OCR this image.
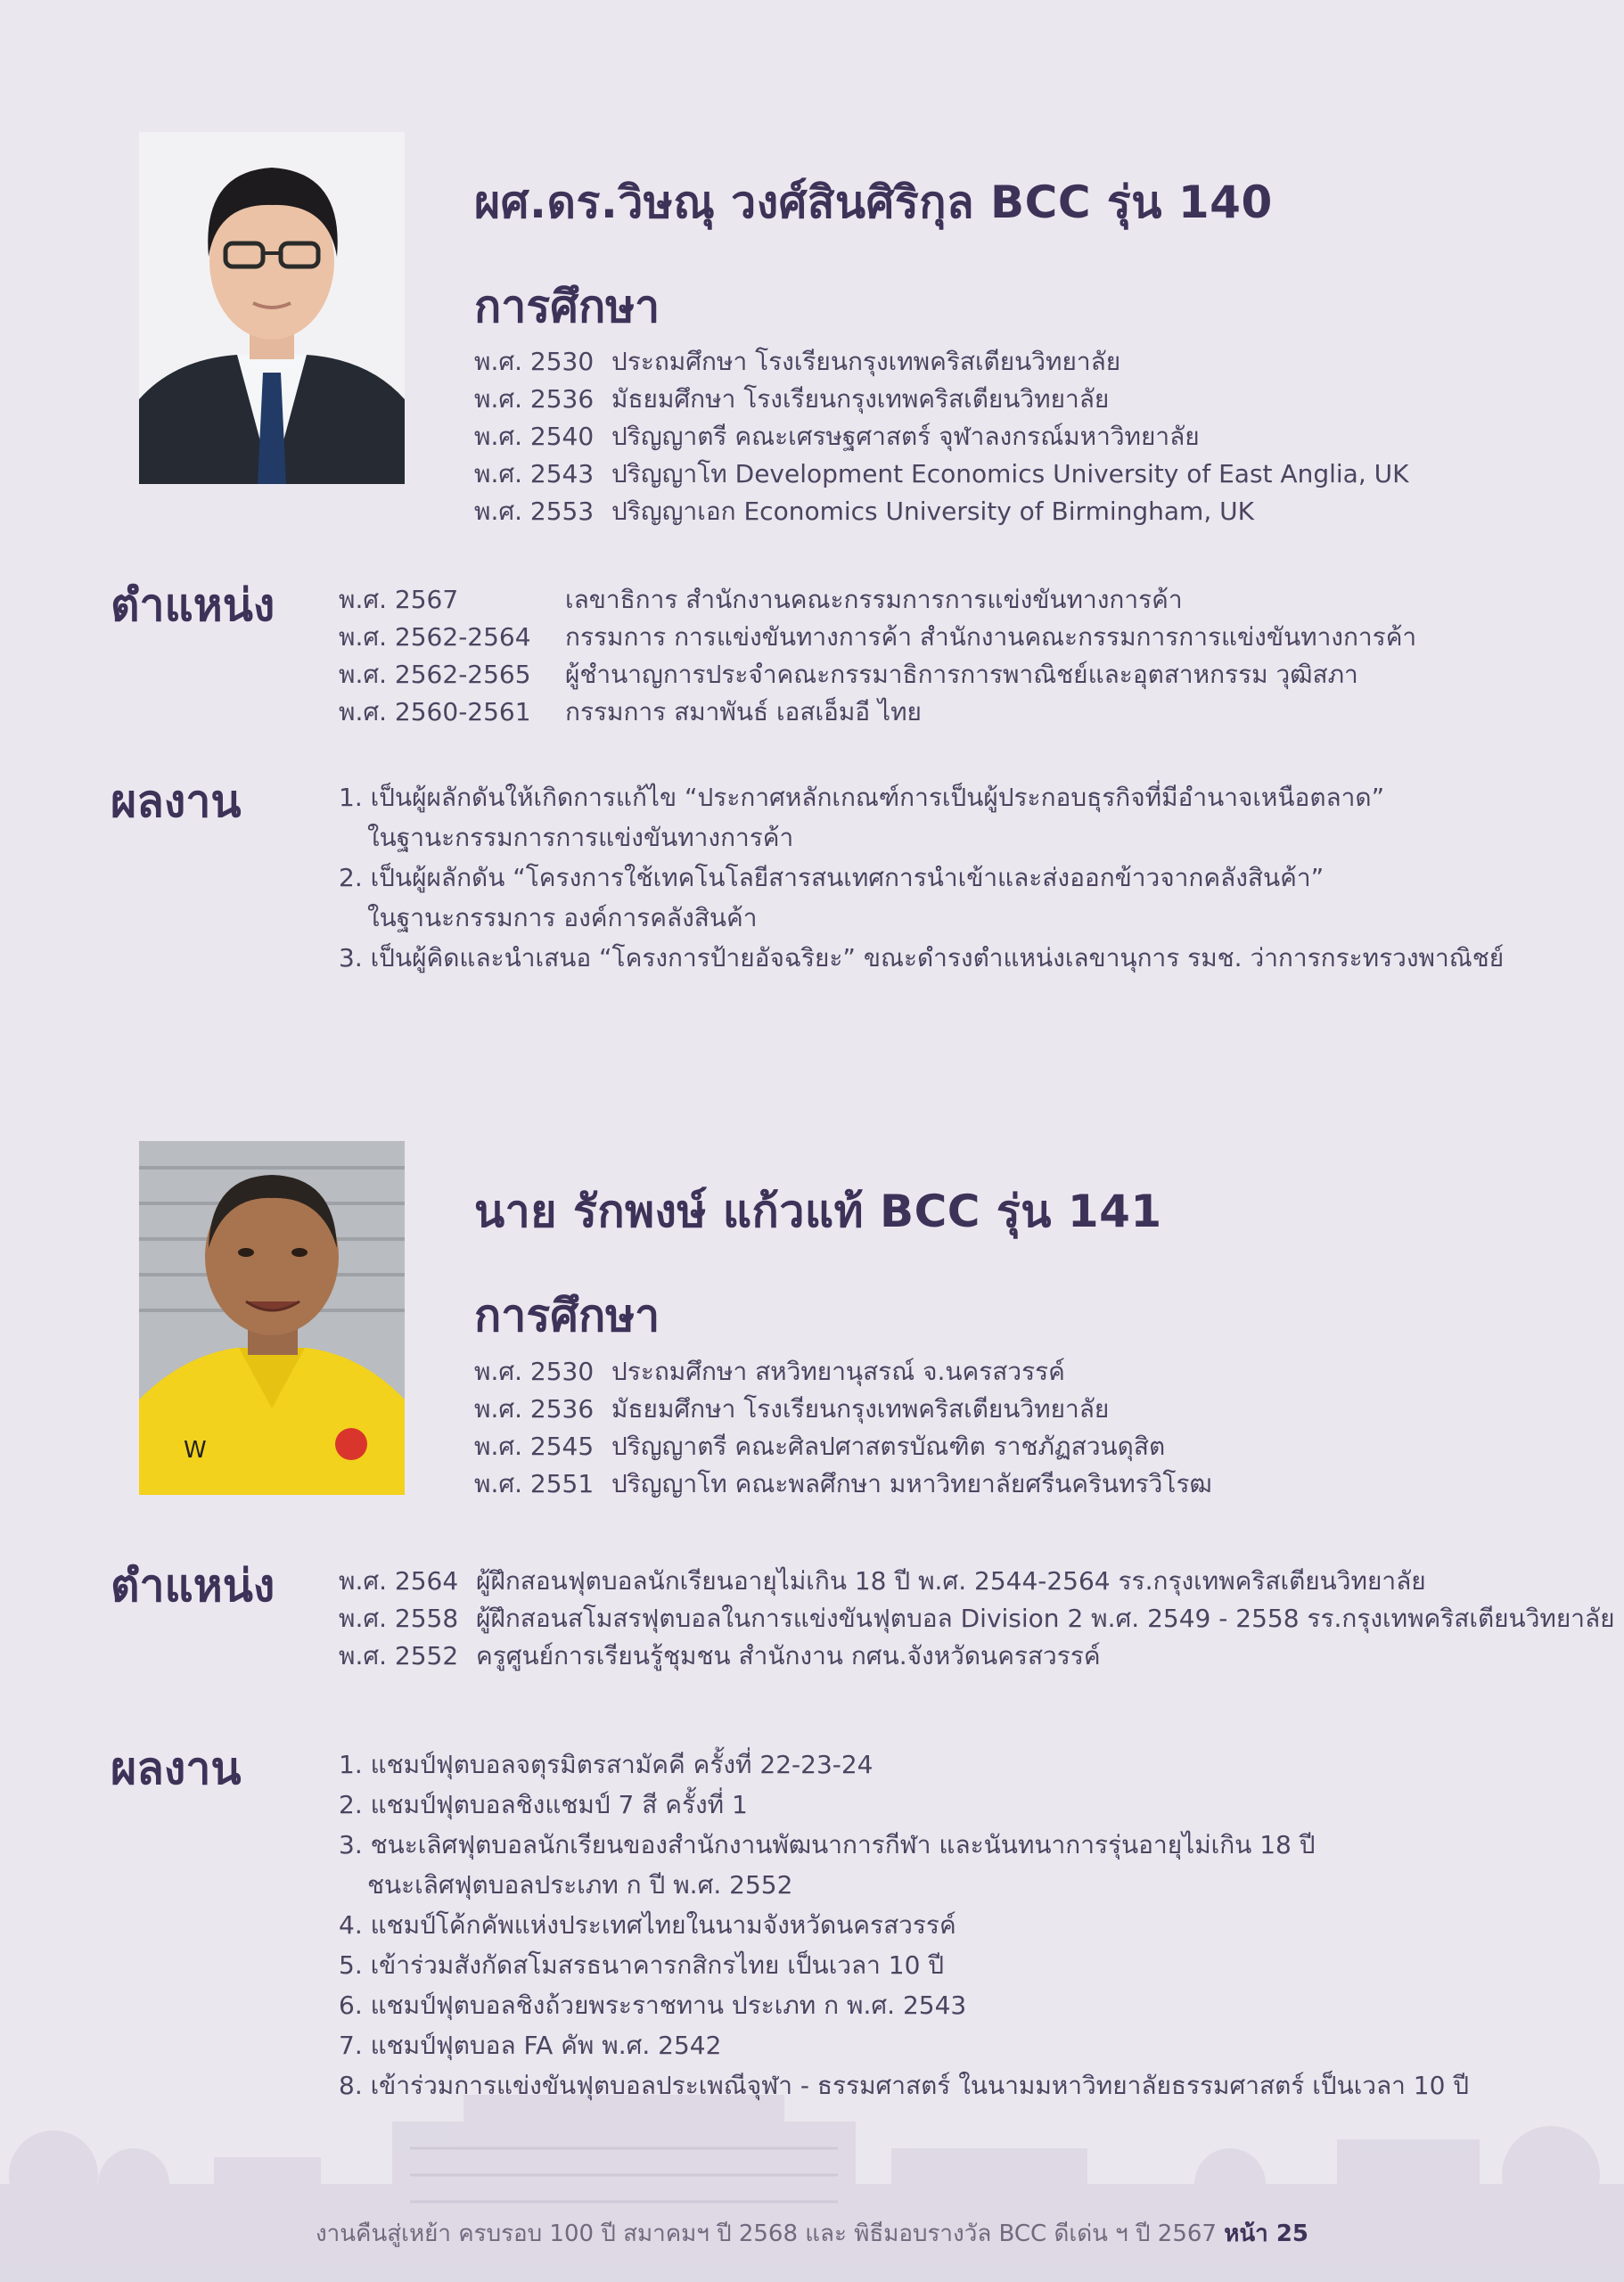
ผศ.ดร.วิษณุ วงศ์สินศิริกุล BCC รุ่น 140
การศึกษา
พ.ศ. 2530 ประถมศึกษา โรงเรียนกรุงเทพคริสเตียนวิทยาลัย
พ.ศ. 2536 มัธยมศึกษา โรงเรียนกรุงเทพคริสเตียนวิทยาลัย
พ.ศ. 2540 ปริญญาตรี คณะเศรษฐศาสตร์ จุฬาลงกรณ์มหาวิทยาลัย
พ.ศ. 2543 ปริญญาโท Development Economics University of East Anglia, UK
พ.ศ. 2553 ปริญญาเอก Economics University of Birmingham, UK
ตำแหน่ง	พ.ศ. 2567	เลขาธิการ สำนักงานคณะกรรมการการแข่งขันทางการค้า
พ.ศ. 2562-2564 กรรมการ การแข่งขันทางการค้า สำนักงานคณะกรรมการการแข่งขันทางการค้า
พ.ศ. 2562-2565 ผู้ชำนาญการประจำคณะกรรมาธิการการพาณิชย์และอุตสาหกรรม วุฒิสภา
พ.ศ. 2560-2561 กรรมการ สมาพันธ์ เอสเอ็มอี ไทย
ผลงาน	1. เป็นผู้ผลักดันให้เกิดการแก้ไข “ประกาศหลักเกณฑ์การเป็นผู้ประกอบธุรกิจที่มีอำนาจเหนือตลาด”
ในฐานะกรรมการการแข่งขันทางการค้า
2. เป็นผู้ผลักดัน “โครงการใช้เทคโนโลยีสารสนเทศการนำเข้าและส่งออกข้าวจากคลังสินค้า”
ในฐานะกรรมการ องค์การคลังสินค้า
3. เป็นผู้คิดและนำเสนอ “โครงการป้ายอัจฉริยะ” ขณะดำรงตำแหน่งเลขานุการ รมช. ว่าการกระทรวงพาณิชย์
W
นาย รักพงษ์ แก้วแท้ BCC รุ่น 141
การศึกษา
พ.ศ. 2530 ประถมศึกษา สหวิทยานุสรณ์ จ.นครสวรรค์
พ.ศ. 2536 มัธยมศึกษา โรงเรียนกรุงเทพคริสเตียนวิทยาลัย
พ.ศ. 2545 ปริญญาตรี คณะศิลปศาสตรบัณฑิต ราชภัฏสวนดุสิต
พ.ศ. 2551 ปริญญาโท คณะพลศึกษา มหาวิทยาลัยศรีนครินทรวิโรฒ
ตำแหน่ง	พ.ศ. 2564 ผู้ฝึกสอนฟุตบอลนักเรียนอายุไม่เกิน 18 ปี พ.ศ. 2544-2564 รร.กรุงเทพคริสเตียนวิทยาลัย
พ.ศ. 2558 ผู้ฝึกสอนสโมสรฟุตบอลในการแข่งขันฟุตบอล Division 2 พ.ศ. 2549 - 2558 รร.กรุงเทพคริสเตียนวิทยาลัย
พ.ศ. 2552 ครูศูนย์การเรียนรู้ชุมชน สำนักงาน กศน.จังหวัดนครสวรรค์
ผลงาน	1. แชมป์ฟุตบอลจตุรมิตรสามัคคี ครั้งที่ 22-23-24
2. แชมป์ฟุตบอลชิงแชมป์ 7 สี ครั้งที่ 1
3. ชนะเลิศฟุตบอลนักเรียนของสำนักงานพัฒนาการกีฬา และนันทนาการรุ่นอายุไม่เกิน 18 ปี
ชนะเลิศฟุตบอลประเภท ก ปี พ.ศ. 2552
4. แชมป์โค้กคัพแห่งประเทศไทยในนามจังหวัดนครสวรรค์
5. เข้าร่วมสังกัดสโมสรธนาคารกสิกรไทย เป็นเวลา 10 ปี
6. แชมป์ฟุตบอลชิงถ้วยพระราชทาน ประเภท ก พ.ศ. 2543
7. แชมป์ฟุตบอล FA คัพ พ.ศ. 2542
8. เข้าร่วมการแข่งขันฟุตบอลประเพณีจุฬา - ธรรมศาสตร์ ในนามมหาวิทยาลัยธรรมศาสตร์ เป็นเวลา 10 ปี
งานคืนสู่เหย้า ครบรอบ 100 ปี สมาคมฯ ปี 2568 และ พิธีมอบรางวัล BCC ดีเด่น ฯ ปี 2567 หน้า 25
